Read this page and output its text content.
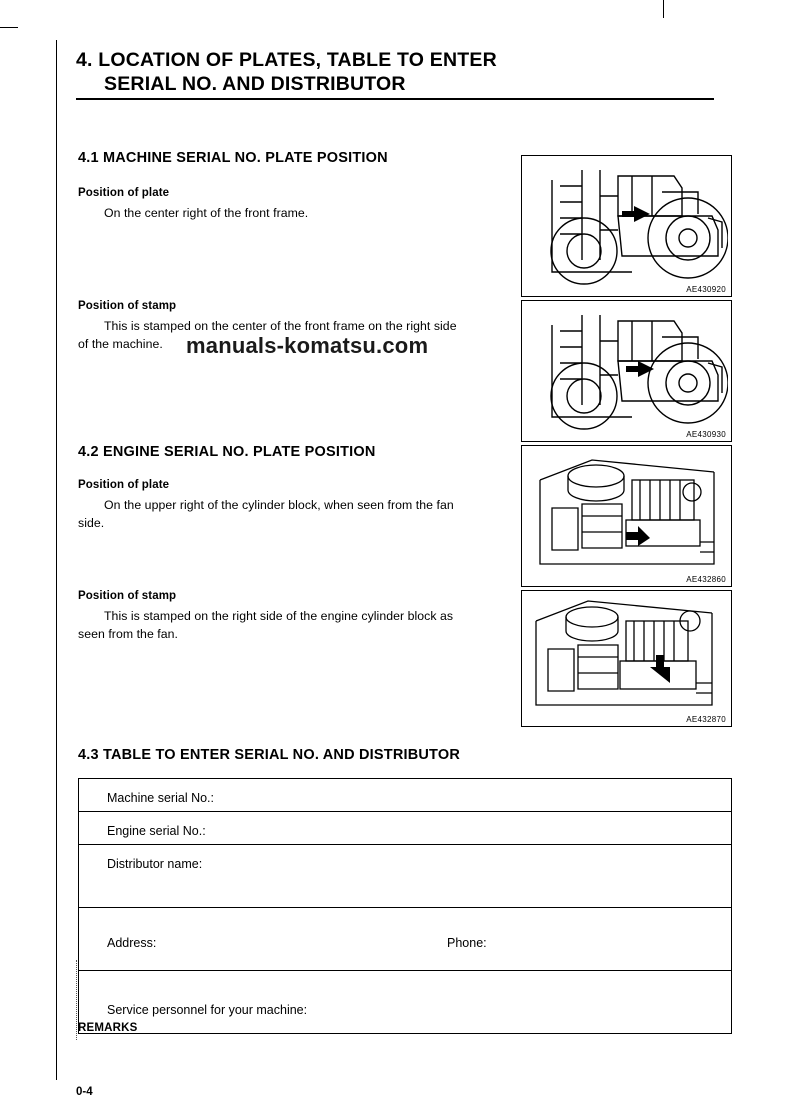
4. LOCATION OF PLATES, TABLE TO ENTER
SERIAL NO. AND DISTRIBUTOR
4.1 MACHINE SERIAL NO. PLATE POSITION
Position of plate
On the center right of the front frame.
Position of stamp
This is stamped on the center of the front frame on the right side
of the machine.
4.2 ENGINE SERIAL NO. PLATE POSITION
Position of plate
On the upper right of the cylinder block, when seen from the fan
side.
Position of stamp
This is stamped on the right side of the engine cylinder block as
seen from the fan.
manuals-komatsu.com
AE430920
AE430930
AE432860
AE432870
4.3 TABLE TO ENTER SERIAL NO. AND DISTRIBUTOR
Machine serial No.:
Engine serial No.:
Distributor name:
Address:	Phone:
Service personnel for your machine:
REMARKS
0-4
